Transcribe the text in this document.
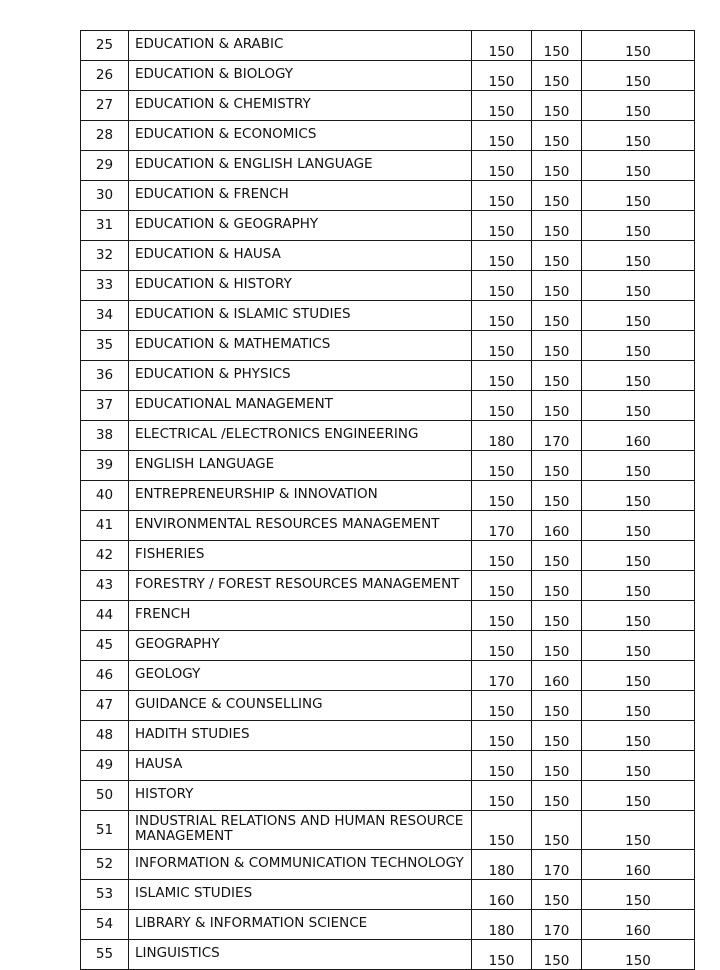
25	EDUCATION & ARABIC	150	150	150
26	EDUCATION & BIOLOGY	150	150	150
27	EDUCATION & CHEMISTRY	150	150	150
28	EDUCATION & ECONOMICS	150	150	150
29	EDUCATION & ENGLISH LANGUAGE	150	150	150
30	EDUCATION & FRENCH	150	150	150
31	EDUCATION & GEOGRAPHY	150	150	150
32	EDUCATION & HAUSA	150	150	150
33	EDUCATION & HISTORY	150	150	150
34	EDUCATION & ISLAMIC STUDIES	150	150	150
35	EDUCATION & MATHEMATICS	150	150	150
36	EDUCATION & PHYSICS	150	150	150
37	EDUCATIONAL MANAGEMENT	150	150	150
38	ELECTRICAL /ELECTRONICS ENGINEERING	180	170	160
39	ENGLISH LANGUAGE	150	150	150
40	ENTREPRENEURSHIP & INNOVATION	150	150	150
41	ENVIRONMENTAL RESOURCES MANAGEMENT	170	160	150
42	FISHERIES	150	150	150
43	FORESTRY / FOREST RESOURCES MANAGEMENT	150	150	150
44	FRENCH	150	150	150
45	GEOGRAPHY	150	150	150
46	GEOLOGY	170	160	150
47	GUIDANCE & COUNSELLING	150	150	150
48	HADITH STUDIES	150	150	150
49	HAUSA	150	150	150
50	HISTORY	150	150	150
51	INDUSTRIAL RELATIONS AND HUMAN RESOURCE MANAGEMENT	150	150	150
52	INFORMATION & COMMUNICATION TECHNOLOGY	180	170	160
53	ISLAMIC STUDIES	160	150	150
54	LIBRARY & INFORMATION SCIENCE	180	170	160
55	LINGUISTICS	150	150	150
